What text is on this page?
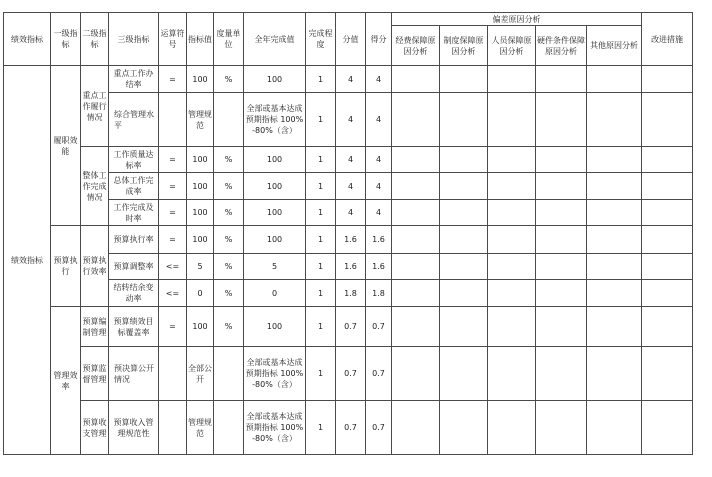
绩效指标	一级指标	二级指标	三级指标	运算符号	指标值	度量单位	全年完成值	完成程度	分值	得分	偏差原因分析					改进措施
											经费保障原因分析	制度保障原因分析	人员保障原因分析	硬件条件保障原因分析	其他原因分析	
绩效指标	履职效能	重点工作履行情况	重点工作办结率	=	100	%	100	1	4	4						
			综合管理水平		管理规范		全部或基本达成预期指标 100%-80%（含）	1	4	4						
		整体工作完成情况	工作质量达标率	=	100	%	100	1	4	4						
			总体工作完成率	=	100	%	100	1	4	4						
			工作完成及时率	=	100	%	100	1	4	4						
	预算执行	预算执行效率	预算执行率	=	100	%	100	1	1.6	1.6						
			预算调整率	<=	5	%	5	1	1.6	1.6						
			结转结余变动率	<=	0	%	0	1	1.8	1.8						
	管理效率	预算编制管理	预算绩效目标覆盖率	=	100	%	100	1	0.7	0.7						
		预算监督管理	预决算公开情况		全部公开		全部或基本达成预期指标 100%-80%（含）	1	0.7	0.7						
		预算收支管理	预算收入管理规范性		管理规范		全部或基本达成预期指标 100%-80%（含）	1	0.7	0.7						
